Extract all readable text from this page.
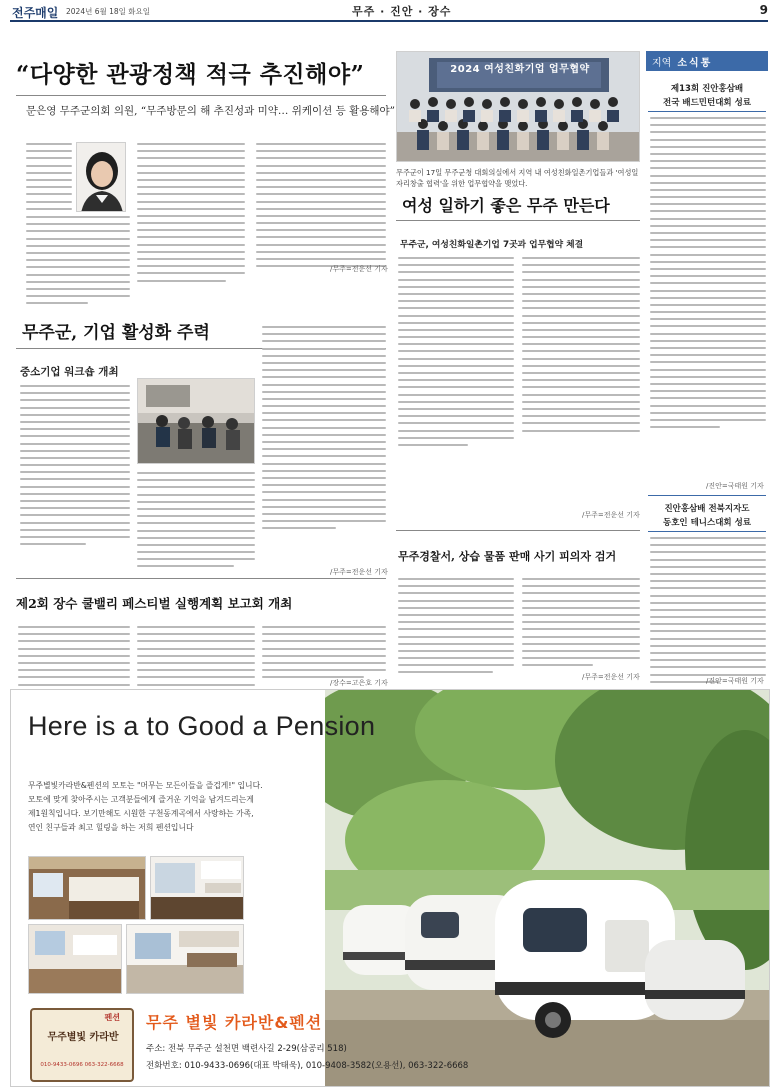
전주매일 2024년 6월 18일 화요일	무주 · 진안 · 장수	9
“다양한 관광정책 적극 추진해야”
문은영 무주군의회 의원, “무주방문의 해 추진성과 미약… 위케이션 등 활용해야”
/무주=전운선 기자
무주군, 기업 활성화 주력
중소기업 워크숍 개최
/무주=전운선 기자
제2회 장수 쿨밸리 페스티벌 실행계획 보고회 개최
/장수=고은호 기자
2024 여성친화기업 업무협약
무주군이 17일 무주군청 대회의실에서 지역 내 여성친화일촌기업들과 '여성일자리창출 협력'을 위한 업무협약을 맺었다.
여성 일하기 좋은 무주 만든다
무주군, 여성친화일촌기업 7곳과 업무협약 체결
/무주=전운선 기자
무주경찰서, 상습 물품 판매 사기 피의자 검거
/무주=전운선 기자
지역 소식통
제13회 진안홍삼배
전국 배드민턴대회 성료
/진안=국태원 기자
진안홍삼배 전북지자도
동호인 테니스대회 성료
/진안=국태원 기자
Here is a to Good a Pension
무주별빛카라반&펜션의 모토는 "머무는 모든이들을 즐겁게!" 입니다.
모토에 맞게 찾아주시는 고객분들에게 즐거운 기억을 남겨드리는게
제1원칙입니다. 보기만해도 시원한 구천동계곡에서 사랑하는 가족,
연인 친구들과 최고 힐링을 하는 저희 펜션입니다
펜션
무주별빛 카라반
010-9433-0696 063-322-6668
무주 별빛 카라반&펜션
주소: 전북 무주군 설천면 백련사길 2-29(삼공리 518)
전화번호: 010-9433-0696(대표 박태욱), 010-9408-3582(오용선), 063-322-6668
